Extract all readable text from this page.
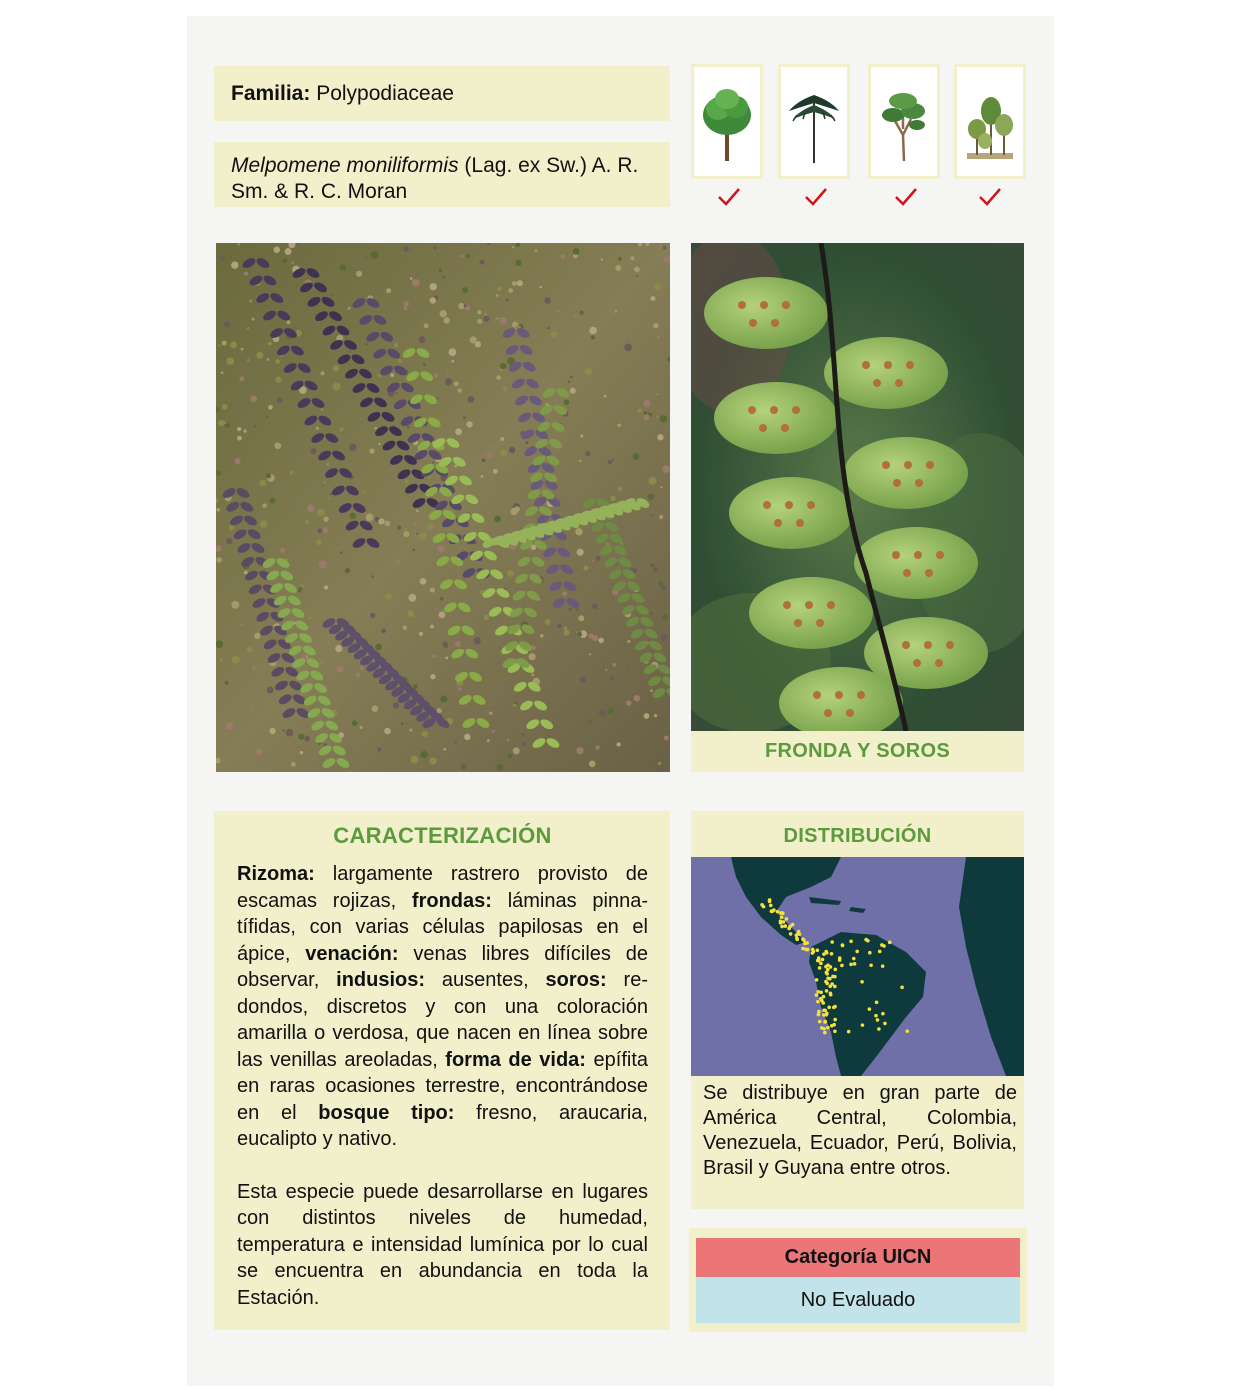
Familia: Polypodiaceae
Melpomene moniliformis (Lag. ex Sw.) A. R. Sm. & R. C. Moran
FRONDA Y SOROS
CARACTERIZACIÓN

Rizoma: largamente rastrero provisto de escamas rojizas, frondas: láminas pinnatífidas, con varias células papilosas en el ápice, venación: venas libres difíciles de observar, indusios: ausentes, soros: redondos, discretos y con una coloración amarilla o verdosa, que nacen en línea sobre las venillas areoladas, forma de vida: epífita en raras ocasiones terrestre, encontrándose en el bosque tipo: fresno, araucaria, eucalipto y nativo.

Esta especie puede desarrollarse en lugares con distintos niveles de humedad, temperatura e intensidad lumínica por lo cual se encuentra en abundancia en toda la Estación.

DISTRIBUCIÓN
Se distribuye en gran parte de América Central, Colombia, Venezuela, Ecuador, Perú, Bolivia, Brasil y Guyana entre otros.
Categoría UICN
No Evaluado
